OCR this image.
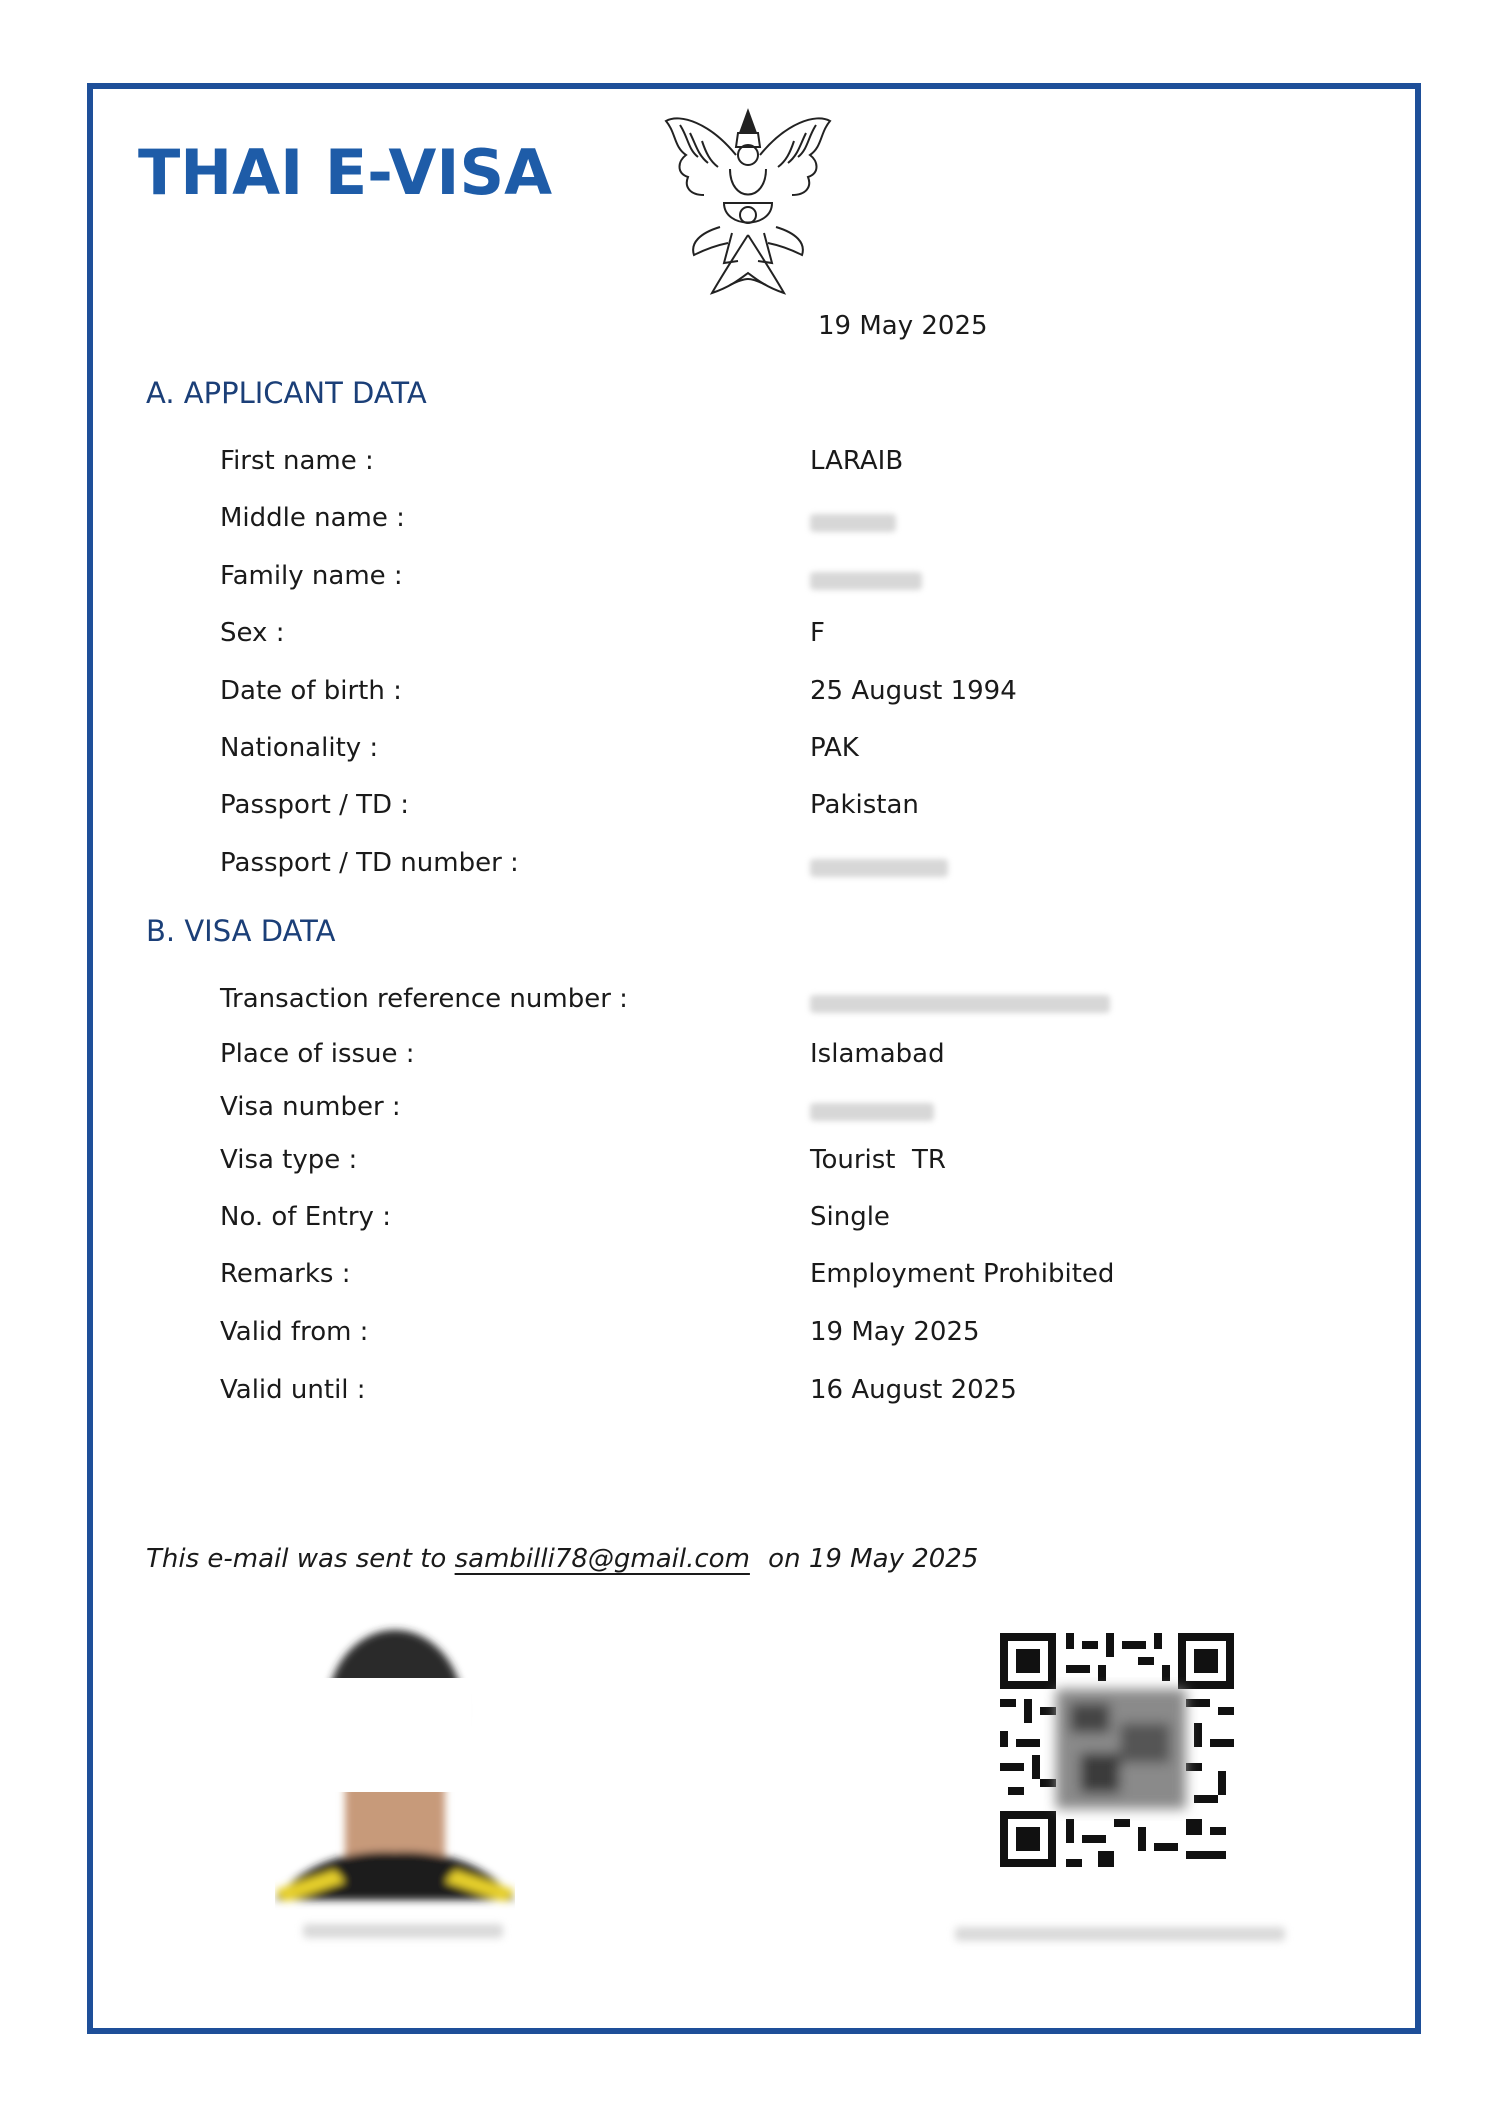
THAI E-VISA
19 May 2025
A. APPLICANT DATA
First name :	LARAIB
Middle name :
Family name :
Sex :	F
Date of birth :	25 August 1994
Nationality :	PAK
Passport / TD :	Pakistan
Passport / TD number :
B. VISA DATA
Transaction reference number :
Place of issue :	Islamabad
Visa number :
Visa type :	Tourist  TR
No. of Entry :	Single
Remarks :	Employment Prohibited
Valid from :	19 May 2025
Valid until :	16 August 2025
This e-mail was sent to sambilli78@gmail.com on 19 May 2025
